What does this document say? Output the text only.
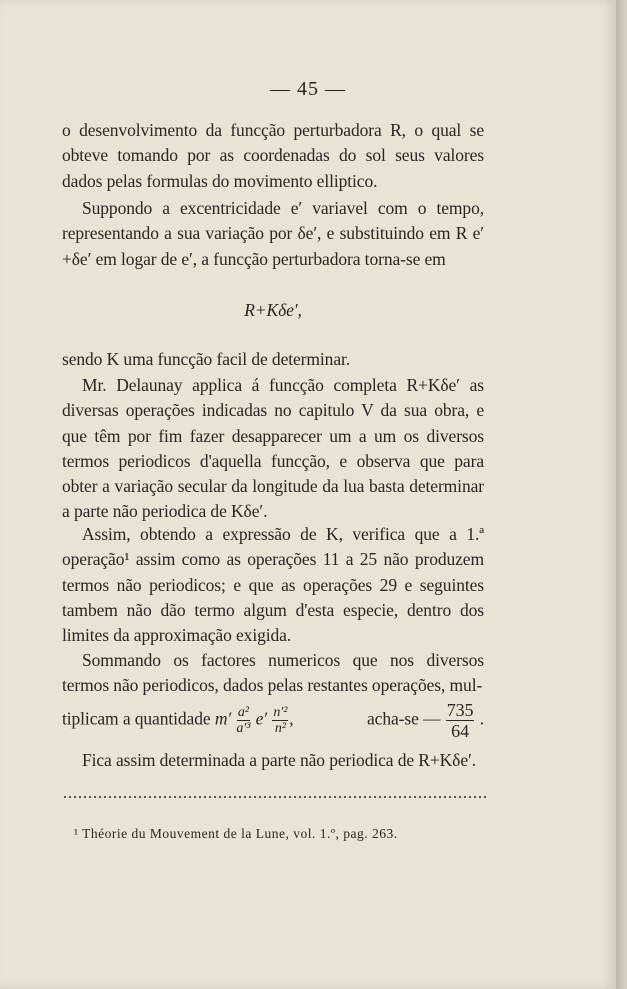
— 45 —

o desenvolvimento da funcção perturbadora R, o qual se obteve tomando por as coordenadas do sol seus valores dados pelas formulas do movimento elliptico.

Suppondo a excentricidade e′ variavel com o tempo, representando a sua variação por δe′, e substituindo em R e′+δe′ em logar de e′, a funcção perturbadora torna-se em

R+Kδe′,

sendo K uma funcção facil de determinar.

Mr. Delaunay applica á funcção completa R+Kδe′ as diversas operações indicadas no capitulo V da sua obra, e que têm por fim fazer desapparecer um a um os diversos termos periodicos d'aquella funcção, e observa que para obter a variação secular da longitude da lua basta determinar a parte não periodica de Kδe′.

Assim, obtendo a expressão de K, verifica que a 1.ª operação¹ assim como as operações 11 a 25 não produzem termos não periodicos; e que as operações 29 e seguintes tambem não dão termo algum d'esta especie, dentro dos limites da approximação exigida.

Sommando os factores numericos que nos diversos termos não periodicos, dados pelas restantes operações, mul-

tiplicam a quantidade $m' \frac{\text{a²}}{\text{a′³}} e' \frac{\text{n′²}}{\text{n²}}$ ,	acha-se — $\frac{735}{64}$ .

Fica assim determinada a parte não periodica de R+Kδe′.

¹ Théorie du Mouvement de la Lune, vol. 1.º, pag. 263.
